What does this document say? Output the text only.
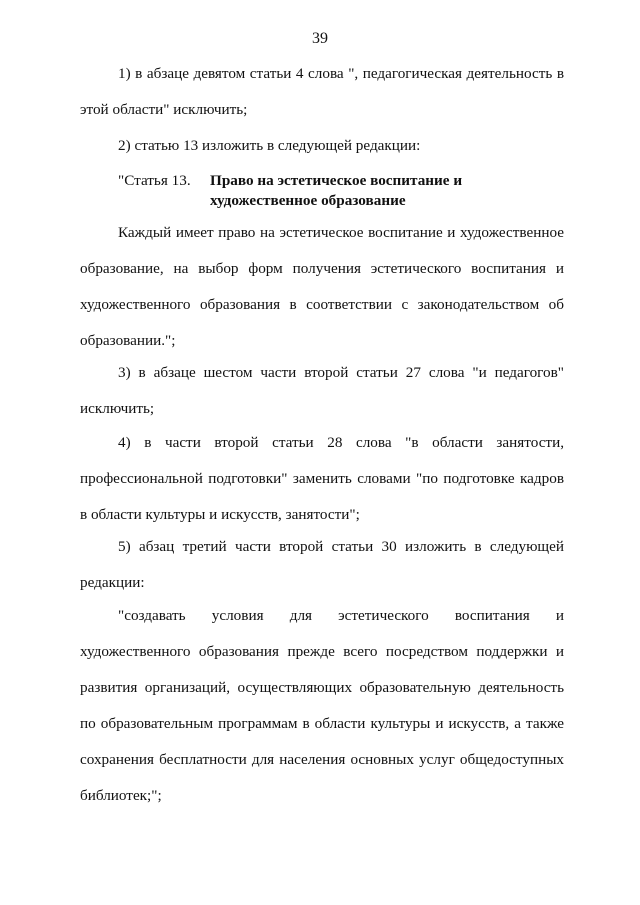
39

1) в абзаце девятом статьи 4 слова ", педагогическая деятельность в этой области" исключить;

2) статью 13 изложить в следующей редакции:

"Статья 13. Право на эстетическое воспитание и художественное образование

Каждый имеет право на эстетическое воспитание и художественное образование, на выбор форм получения эстетического воспитания и художественного образования в соответствии с законодательством об образовании.";

3) в абзаце шестом части второй статьи 27 слова "и педагогов" исключить;

4) в части второй статьи 28 слова "в области занятости, профессиональной подготовки" заменить словами "по подготовке кадров в области культуры и искусств, занятости";

5) абзац третий части второй статьи 30 изложить в следующей редакции:

"создавать условия для эстетического воспитания и художественного образования прежде всего посредством поддержки и развития организаций, осуществляющих образовательную деятельность по образовательным программам в области культуры и искусств, а также сохранения бесплатности для населения основных услуг общедоступных библиотек;";
